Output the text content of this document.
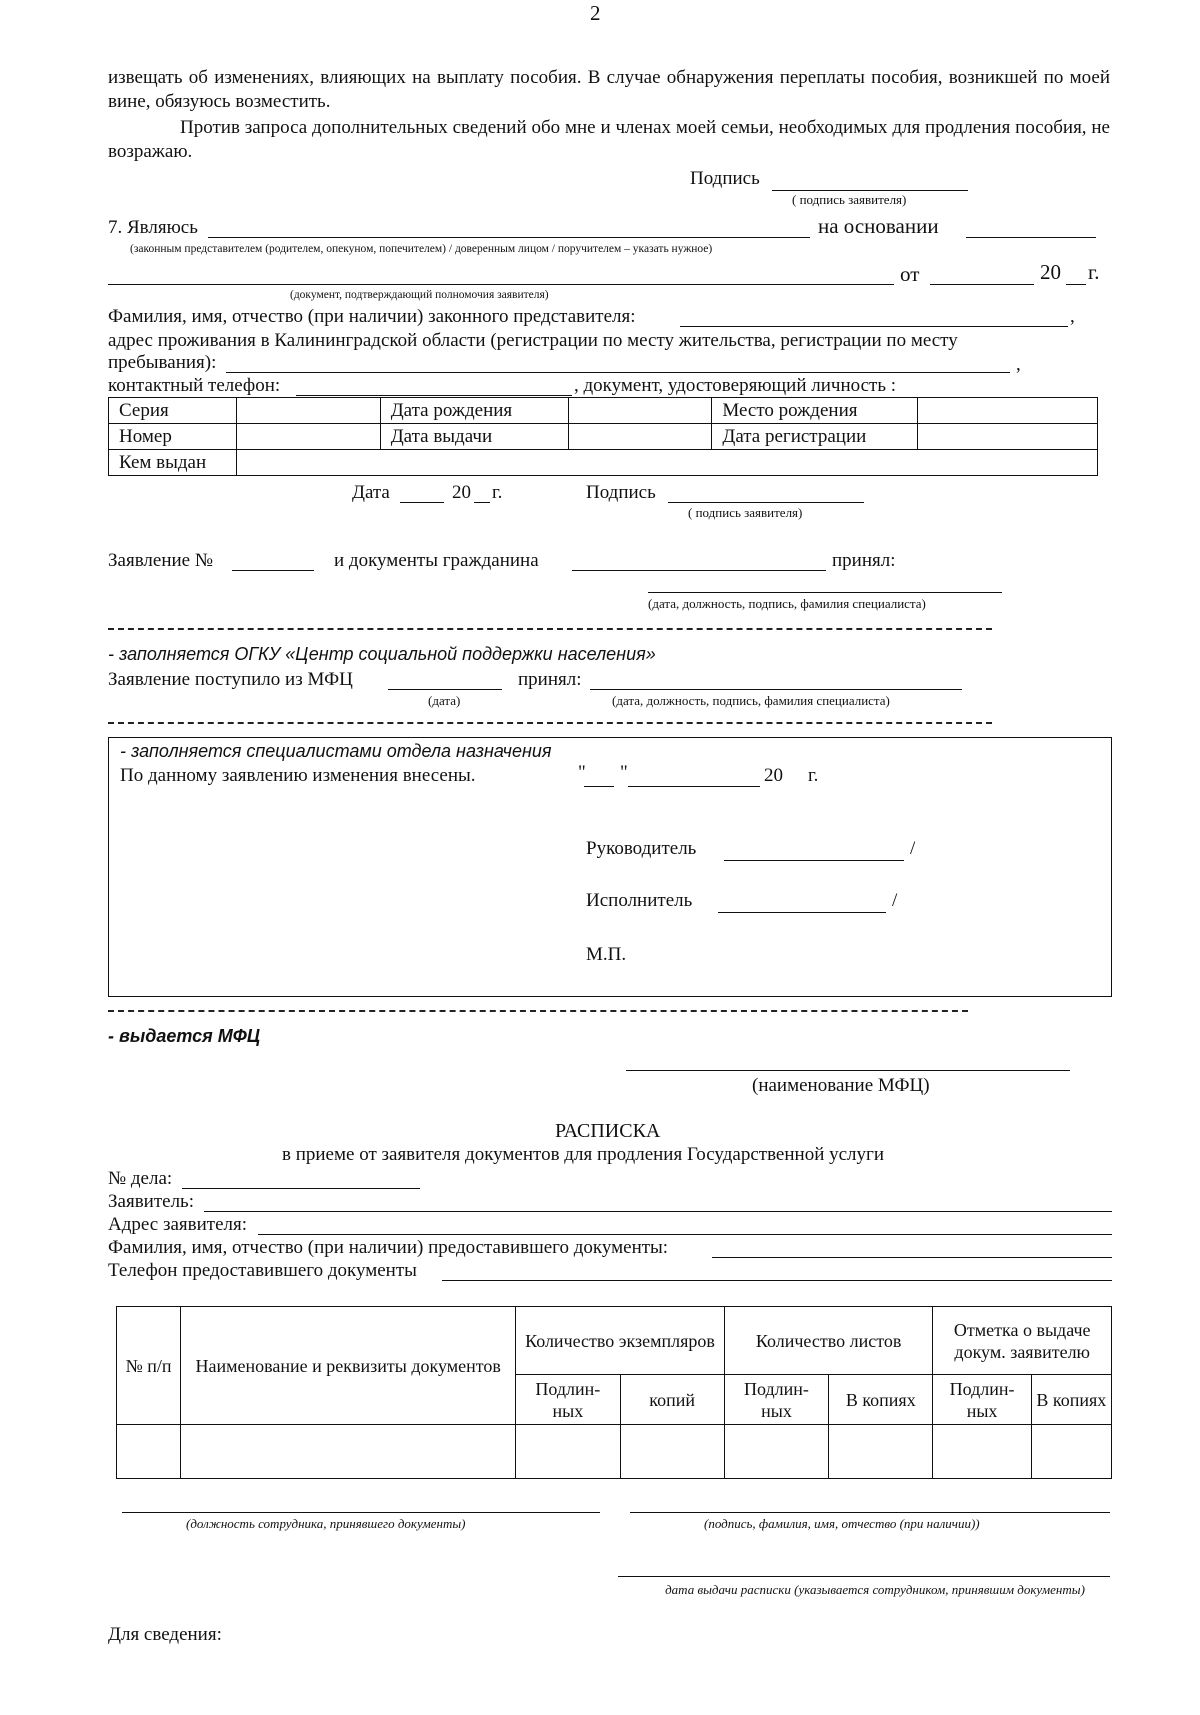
2
извещать об изменениях, влияющих на выплату пособия. В случае обнаружения переплаты пособия, возникшей по моей вине, обязуюсь возместить.
Против запроса дополнительных сведений обо мне и членах моей семьи, необходимых для продления пособия, не возражаю.
Подпись
( подпись заявителя)
7. Являюсь	на основании
(законным представителем (родителем, опекуном, попечителем) / доверенным лицом / поручителем – указать нужное)
от	20 г.
(документ, подтверждающий полномочия заявителя)
Фамилия, имя, отчество (при наличии) законного представителя:	,
адрес проживания в Калининградской области (регистрации по месту жительства, регистрации по месту
пребывания):	,
контактный телефон:	, документ, удостоверяющий личность :
Серия		Дата рождения		Место рождения	
Номер		Дата выдачи		Дата регистрации	
Кем выдан					
Дата	20 г.	Подпись
( подпись заявителя)
Заявление №	и документы гражданина	принял:
(дата, должность, подпись, фамилия специалиста)
- заполняется ОГКУ «Центр социальной поддержки населения»
Заявление поступило из МФЦ	принял:
(дата)	(дата, должность, подпись, фамилия специалиста)
- заполняется специалистами отдела назначения
По данному заявлению изменения внесены.	" "	20 г.
Руководитель	/
Исполнитель	/
М.П.
- выдается МФЦ
(наименование МФЦ)
РАСПИСКА
в приеме от заявителя документов для продления Государственной услуги
№ дела:
Заявитель:
Адрес заявителя:
Фамилия, имя, отчество (при наличии) предоставившего документы:
Телефон предоставившего документы
№ п/п	Наименование и реквизиты документов	Количество экземпляров		Количество листов		Отметка о выдаче докум. заявителю	
		Подлин-ных	копий	Подлин-ных	В копиях	Подлин-ных	В копиях

(должность сотрудника, принявшего документы)	(подпись, фамилия, имя, отчество (при наличии))
дата выдачи расписки (указывается сотрудником, принявшим документы)
Для сведения:
